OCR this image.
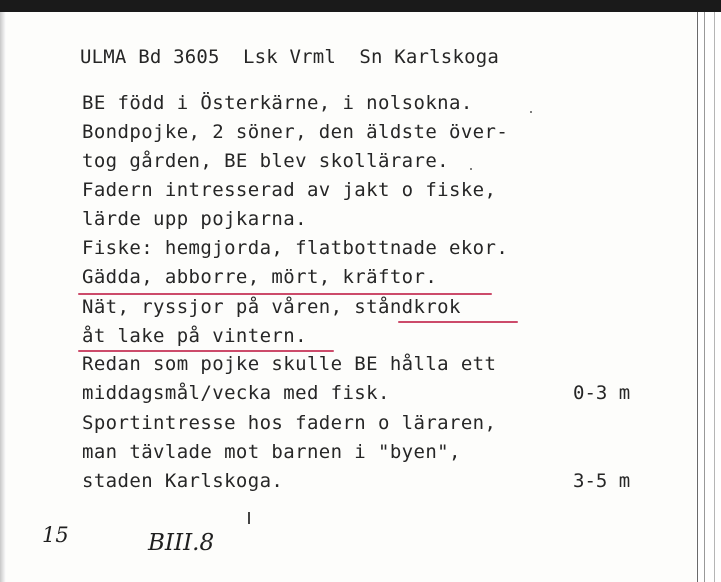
ULMA Bd 3605  Lsk Vrml  Sn Karlskoga
BE född i Österkärne, i nolsokna.
Bondpojke, 2 söner, den äldste över-
tog gården, BE blev skollärare.
Fadern intresserad av jakt o fiske,
lärde upp pojkarna.
Fiske: hemgjorda, flatbottnade ekor.
Gädda, abborre, mört, kräftor.
Nät, ryssjor på våren, ståndkrok
åt lake på vintern.
Redan som pojke skulle BE hålla ett
middagsmål/vecka med fisk.
Sportintresse hos fadern o läraren,
man tävlade mot barnen i "byen",
staden Karlskoga.
0-3 m
3-5 m
15	BIII.8
